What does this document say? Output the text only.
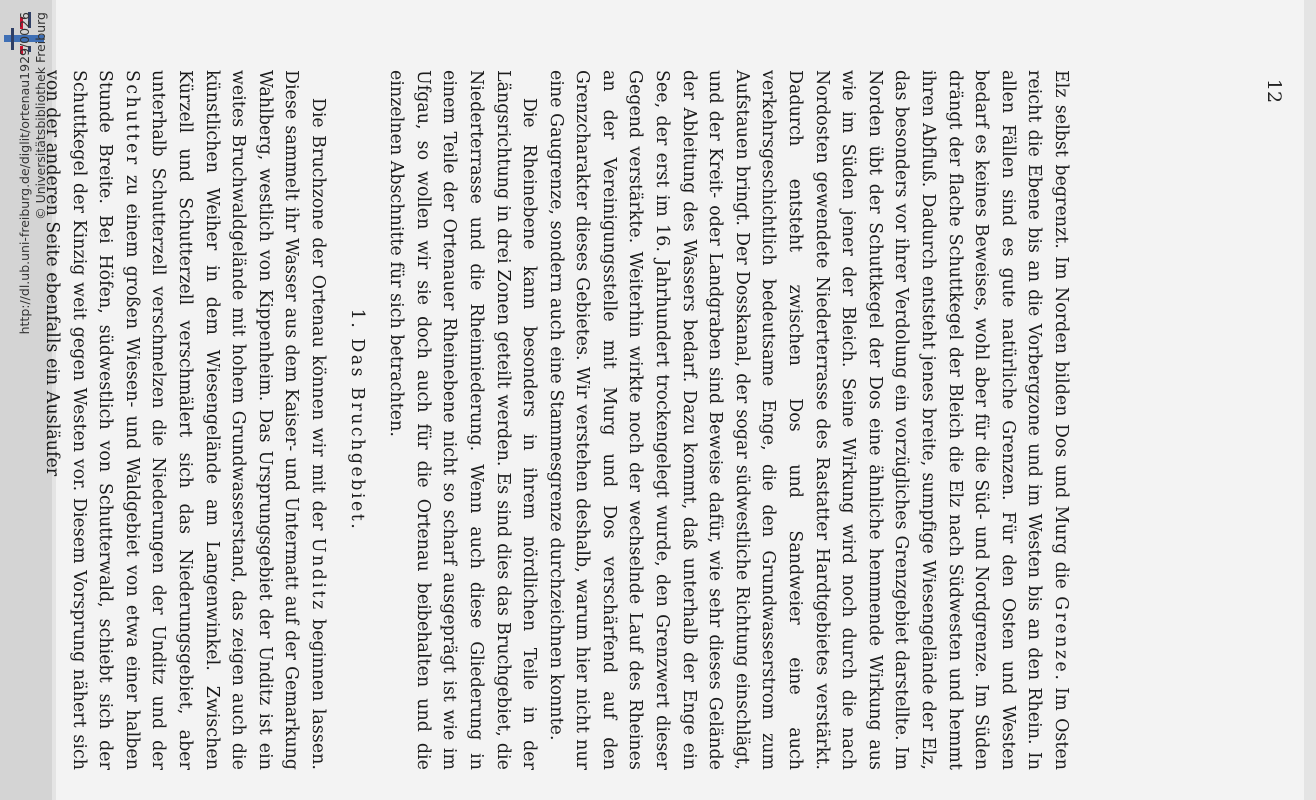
http://dl.ub.uni-freiburg.de/diglit/ortenau1929/0026 © Universitätsbibliothek Freiburg	12

Elz selbst begrenzt. Im Norden bilden Dos und Murg die Grenze. Im Osten reicht die Ebene bis an die Vorbergzone und im Westen bis an den Rhein. In allen Fällen sind es gute natürliche Grenzen. Für den Osten und Westen bedarf es keines Beweises, wohl aber für die Süd- und Nordgrenze. Im Süden drängt der flache Schuttkegel der Bleich die Elz nach Südwesten und hemmt ihren Abfluß. Dadurch entsteht jenes breite, sumpfige Wiesengelände der Elz, das besonders vor ihrer Verdolung ein vorzügliches Grenzgebiet darstellte. Im Norden übt der Schuttkegel der Dos eine ähnliche hemmende Wirkung aus wie im Süden jener der Bleich. Seine Wirkung wird noch durch die nach Nordosten gewendete Niederterrasse des Rastatter Hardtgebietes verstärkt. Dadurch entsteht zwischen Dos und Sandweier eine auch verkehrsgeschichtlich bedeutsame Enge, die den Grundwasserstrom zum Aufstauen bringt. Der Dosskanal, der sogar südwestliche Richtung einschlägt, und der Kreit- oder Landgraben sind Beweise dafür, wie sehr dieses Gelände der Ableitung des Wassers bedarf. Dazu kommt, daß unterhalb der Enge ein See, der erst im 16. Jahrhundert trockengelegt wurde, den Grenzwert dieser Gegend verstärkte. Weiterhin wirkte noch der wechselnde Lauf des Rheines an der Vereinigungsstelle mit Murg und Dos verschärfend auf den Grenzcharakter dieses Gebietes. Wir verstehen deshalb, warum hier nicht nur eine Gaugrenze, sondern auch eine Stammesgrenze durchzeichnen konnte.

Die Rheinebene kann besonders in ihrem nördlichen Teile in der Längsrichtung in drei Zonen geteilt werden. Es sind dies das Bruchgebiet, die Niederterrasse und die Rheinniederung. Wenn auch diese Gliederung in einem Teile der Ortenauer Rheinebene nicht so scharf ausgeprägt ist wie im Ufgau, so wollen wir sie doch auch für die Ortenau beibehalten und die einzelnen Abschnitte für sich betrachten.

1. Das Bruchgebiet.

Die Bruchzone der Ortenau können wir mit der Unditz beginnen lassen. Diese sammelt ihr Wasser aus dem Kaiser- und Untermatt auf der Gemarkung Wahlberg, westlich von Kippenheim. Das Ursprungsgebiet der Unditz ist ein weites Bruchwaldgelände mit hohem Grundwasserstand, das zeigen auch die künstlichen Weiher in dem Wiesengelände am Langenwinkel. Zwischen Kürzell und Schutterzell verschmälert sich das Niederungsgebiet, aber unterhalb Schutterzell verschmelzen die Niederungen der Unditz und der Schutter zu einem großen Wiesen- und Waldgebiet von etwa einer halben Stunde Breite. Bei Höfen, südwestlich von Schutterwald, schiebt sich der Schuttkegel der Kinzig weit gegen Westen vor. Diesem Vorsprung nähert sich von der anderen Seite ebenfalls ein Ausläufer
